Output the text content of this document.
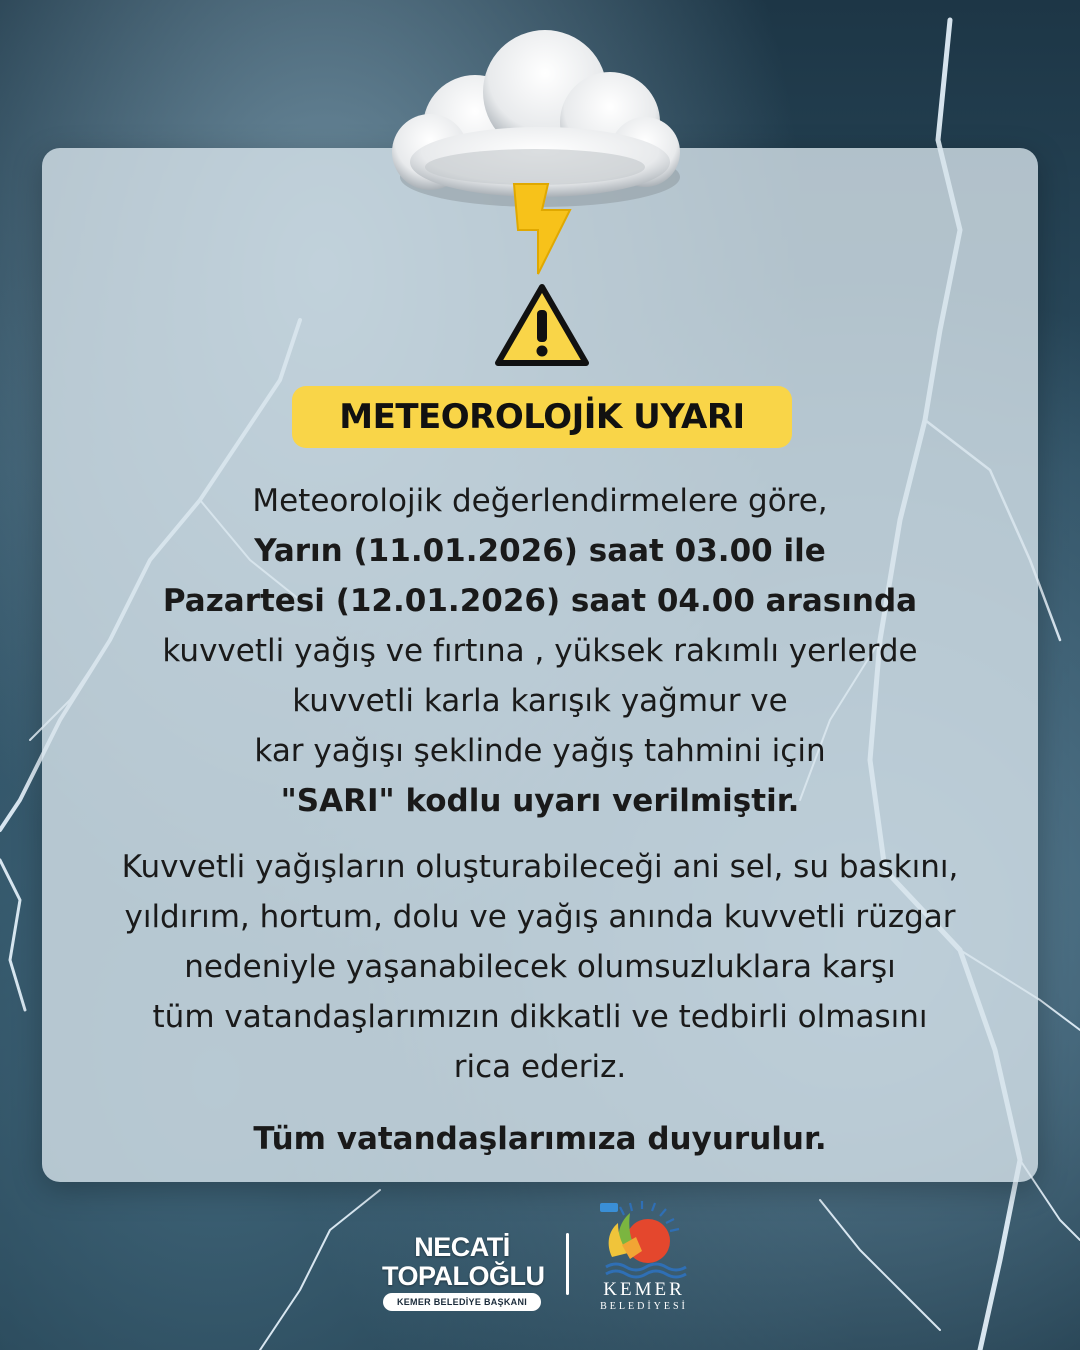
METEOROLOJİK UYARI
Meteorolojik değerlendirmelere göre,
Yarın (11.01.2026) saat 03.00 ile
Pazartesi (12.01.2026) saat 04.00 arasında
kuvvetli yağış ve fırtına , yüksek rakımlı yerlerde
kuvvetli karla karışık yağmur ve
kar yağışı şeklinde yağış tahmini için
"SARI" kodlu uyarı verilmiştir.
Kuvvetli yağışların oluşturabileceği ani sel, su baskını,
yıldırım, hortum, dolu ve yağış anında kuvvetli rüzgar
nedeniyle yaşanabilecek olumsuzluklara karşı
tüm vatandaşlarımızın dikkatli ve tedbirli olmasını
rica ederiz.
Tüm vatandaşlarımıza duyurulur.
NECATİ
TOPALOĞLU
KEMER BELEDİYE BAŞKANI
KEMER
BELEDİYESİ
